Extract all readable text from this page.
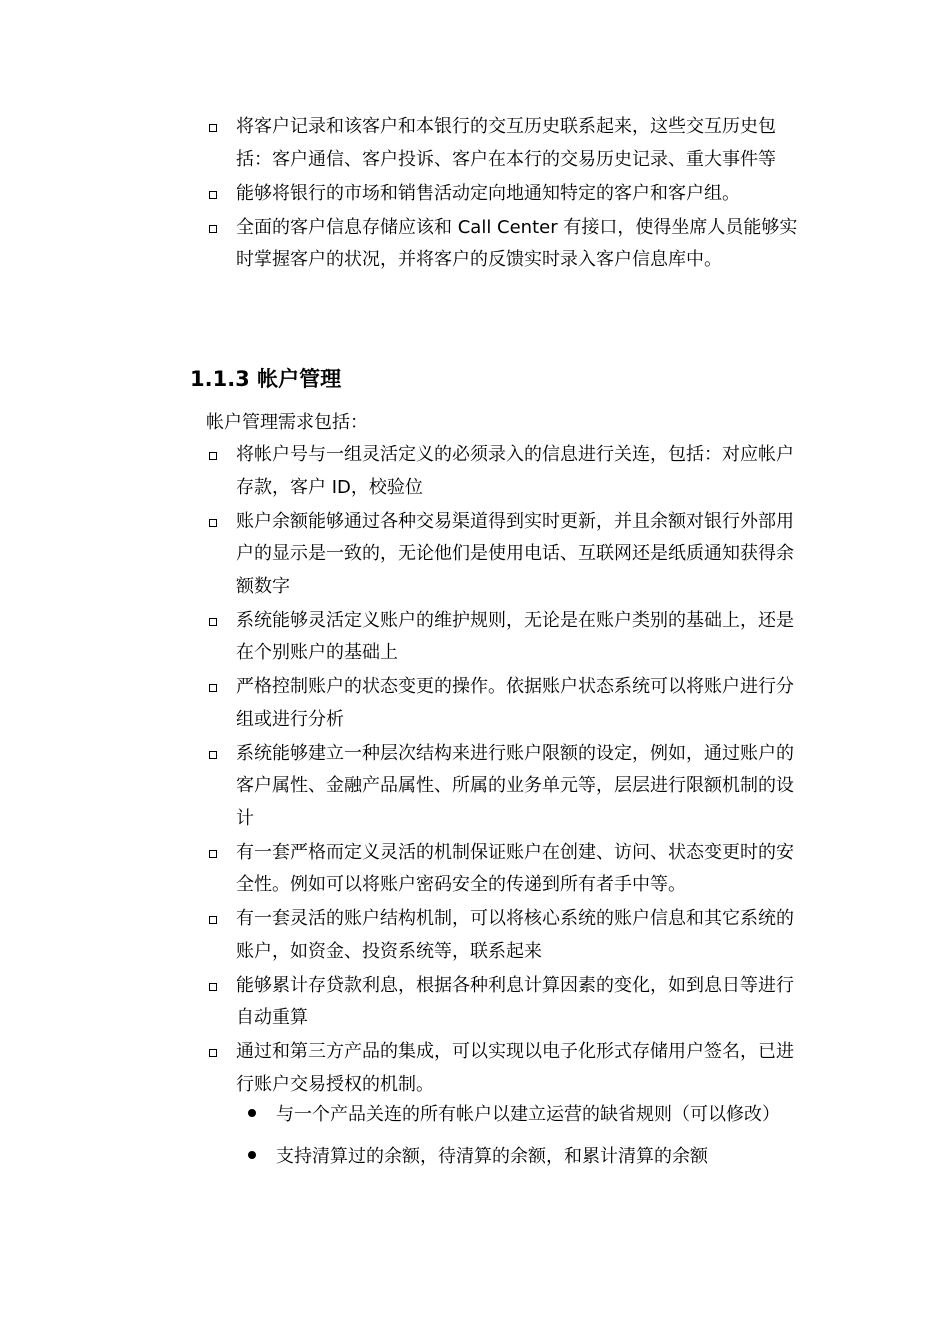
将客户记录和该客户和本银行的交互历史联系起来，这些交互历史包括：客户通信、客户投诉、客户在本行的交易历史记录、重大事件等
能够将银行的市场和销售活动定向地通知特定的客户和客户组。
全面的客户信息存储应该和 Call Center 有接口，使得坐席人员能够实时掌握客户的状况，并将客户的反馈实时录入客户信息库中。
1.1.3 帐户管理
帐户管理需求包括：
将帐户号与一组灵活定义的必须录入的信息进行关连，包括：对应帐户存款，客户 ID，校验位
账户余额能够通过各种交易渠道得到实时更新，并且余额对银行外部用户的显示是一致的，无论他们是使用电话、互联网还是纸质通知获得余额数字
系统能够灵活定义账户的维护规则，无论是在账户类别的基础上，还是在个别账户的基础上
严格控制账户的状态变更的操作。依据账户状态系统可以将账户进行分组或进行分析
系统能够建立一种层次结构来进行账户限额的设定，例如，通过账户的客户属性、金融产品属性、所属的业务单元等，层层进行限额机制的设计
有一套严格而定义灵活的机制保证账户在创建、访问、状态变更时的安全性。例如可以将账户密码安全的传递到所有者手中等。
有一套灵活的账户结构机制，可以将核心系统的账户信息和其它系统的账户，如资金、投资系统等，联系起来
能够累计存贷款利息，根据各种利息计算因素的变化，如到息日等进行自动重算
通过和第三方产品的集成，可以实现以电子化形式存储用户签名，已进行账户交易授权的机制。
与一个产品关连的所有帐户以建立运营的缺省规则（可以修改）
支持清算过的余额，待清算的余额，和累计清算的余额
